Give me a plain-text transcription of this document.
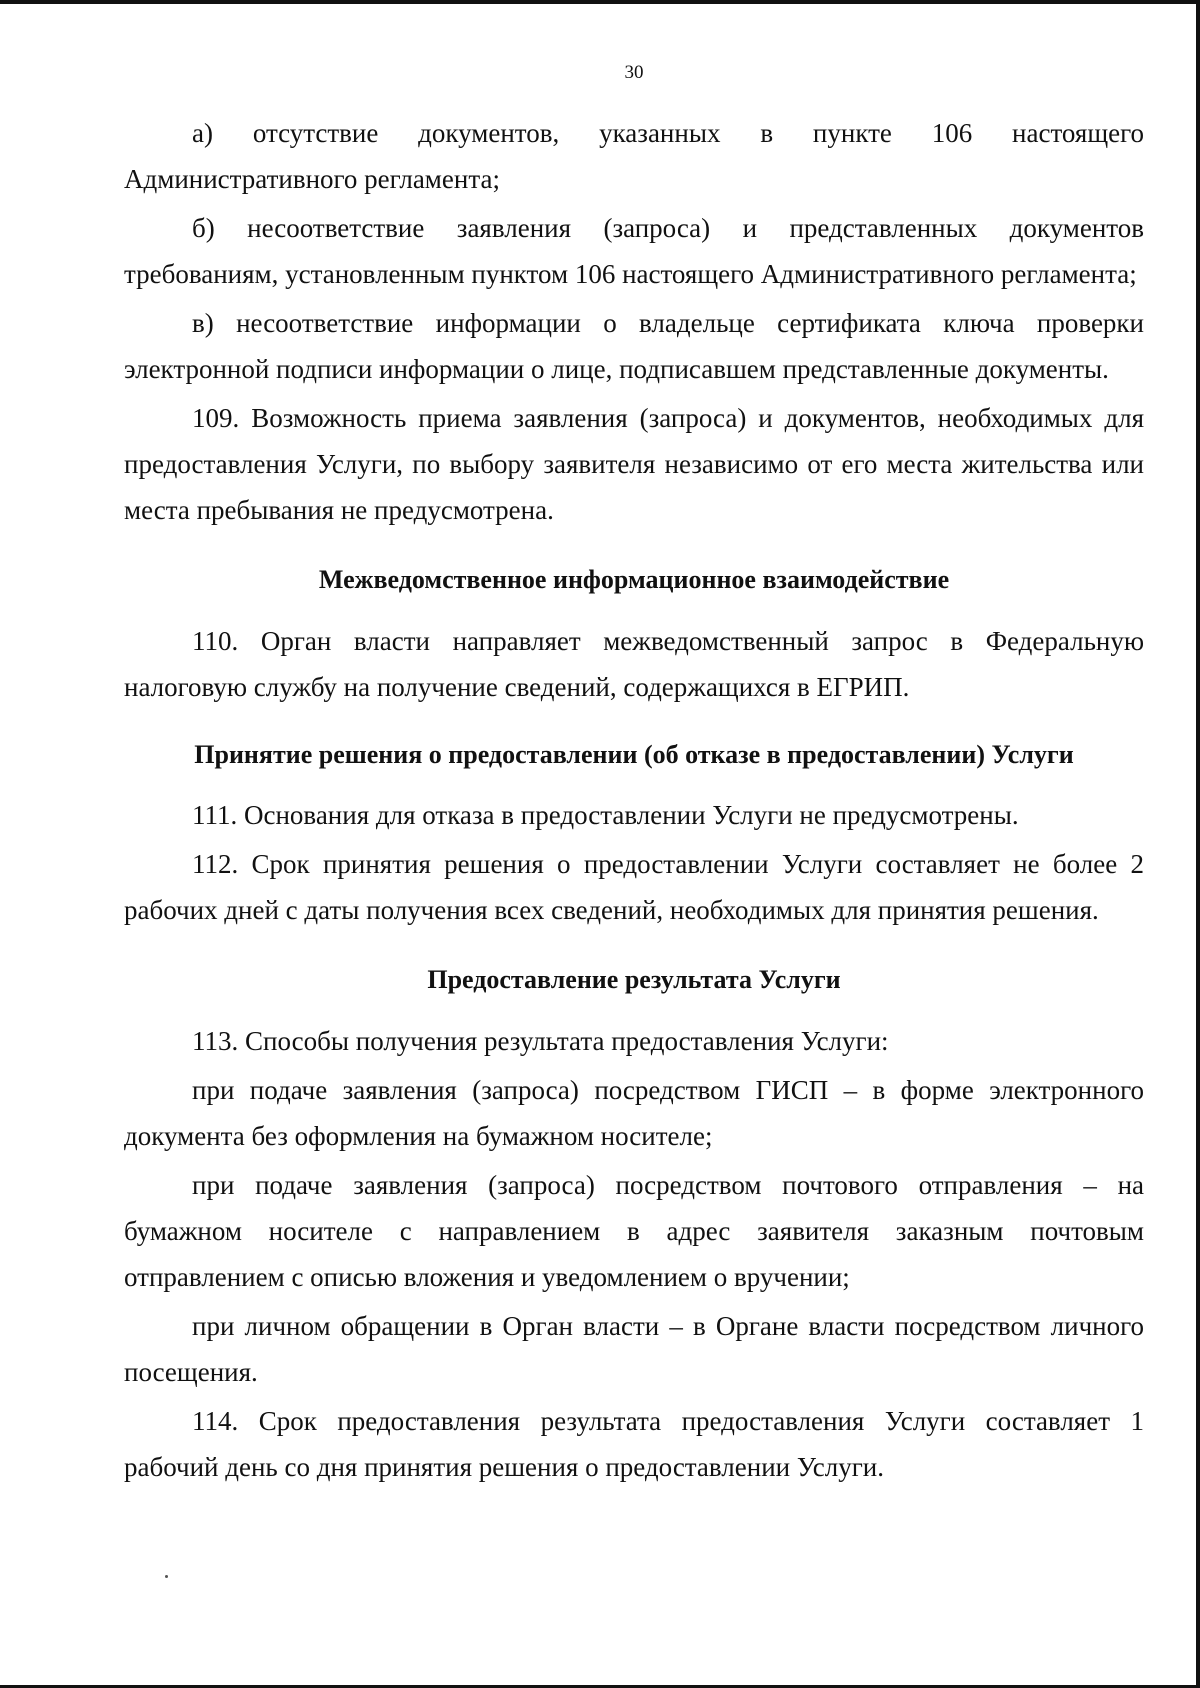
30

а) отсутствие документов, указанных в пункте 106 настоящего Административного регламента;

б) несоответствие заявления (запроса) и представленных документов требованиям, установленным пунктом 106 настоящего Административного регламента;

в) несоответствие информации о владельце сертификата ключа проверки электронной подписи информации о лице, подписавшем представленные документы.

109. Возможность приема заявления (запроса) и документов, необходимых для предоставления Услуги, по выбору заявителя независимо от его места жительства или места пребывания не предусмотрена.

Межведомственное информационное взаимодействие

110. Орган власти направляет межведомственный запрос в Федеральную налоговую службу на получение сведений, содержащихся в ЕГРИП.

Принятие решения о предоставлении (об отказе в предоставлении) Услуги

111. Основания для отказа в предоставлении Услуги не предусмотрены.

112. Срок принятия решения о предоставлении Услуги составляет не более 2 рабочих дней с даты получения всех сведений, необходимых для принятия решения.

Предоставление результата Услуги

113. Способы получения результата предоставления Услуги:

при подаче заявления (запроса) посредством ГИСП – в форме электронного документа без оформления на бумажном носителе;

при подаче заявления (запроса) посредством почтового отправления – на бумажном носителе с направлением в адрес заявителя заказным почтовым отправлением с описью вложения и уведомлением о вручении;

при личном обращении в Орган власти – в Органе власти посредством личного посещения.

114. Срок предоставления результата предоставления Услуги составляет 1 рабочий день со дня принятия решения о предоставлении Услуги.
